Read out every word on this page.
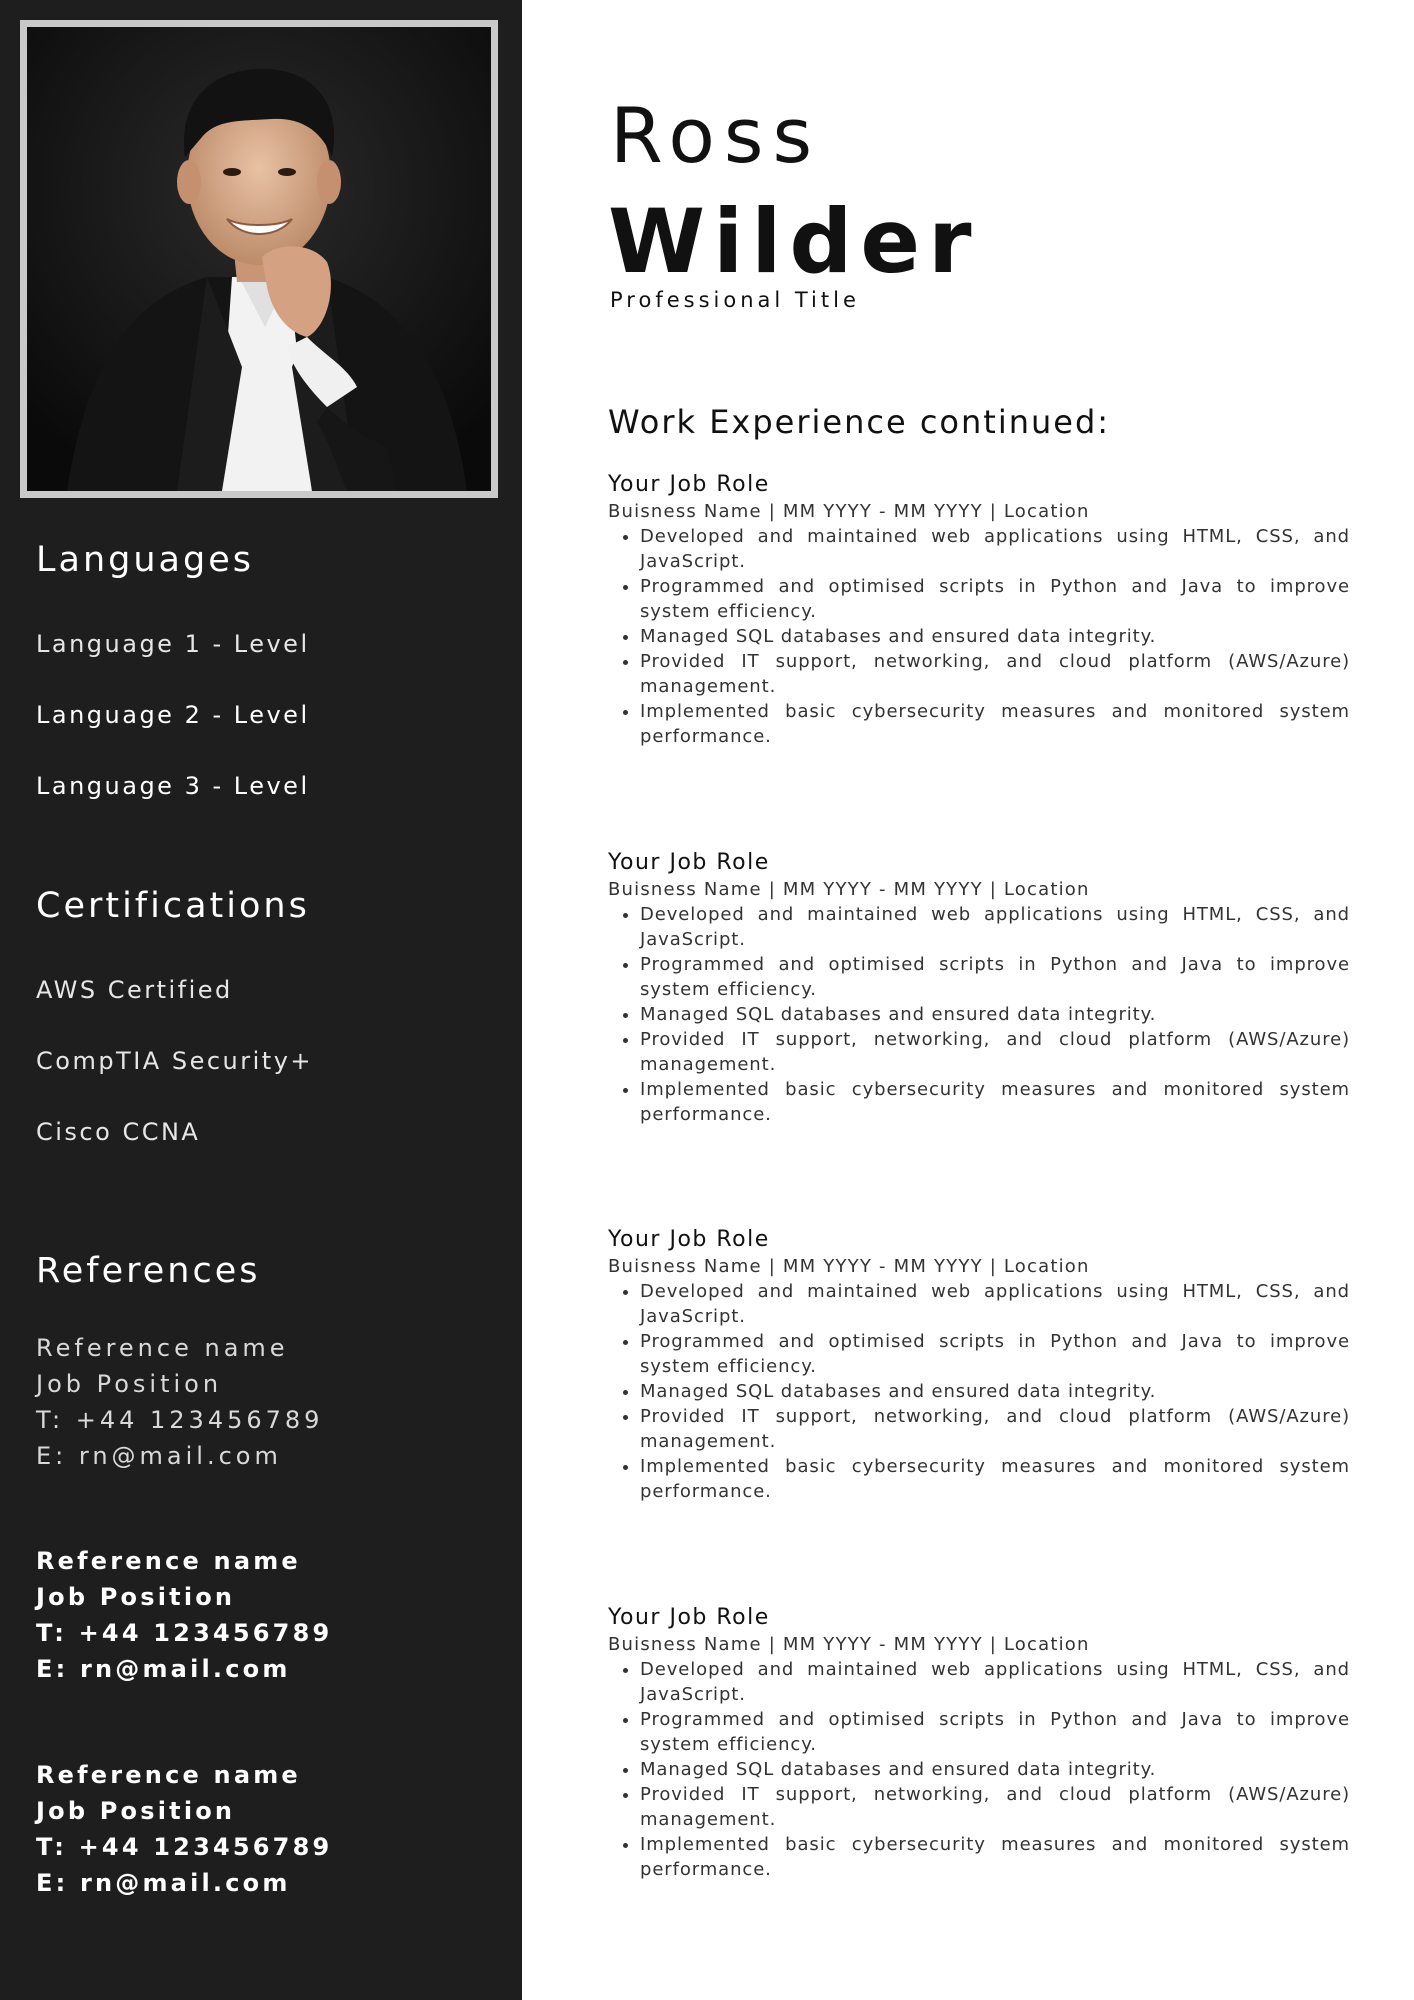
Languages
Language 1 - Level
Language 2 - Level
Language 3 - Level
Certifications
AWS Certified
CompTIA Security+
Cisco CCNA
References
Reference name
Job Position
T: +44 123456789
E: rn@mail.com
Reference name
Job Position
T: +44 123456789
E: rn@mail.com
Reference name
Job Position
T: +44 123456789
E: rn@mail.com
Ross
Wilder
Professional Title
Work Experience continued:
Your Job Role
Buisness Name | MM YYYY - MM YYYY | Location
• Developed and maintained web applications using HTML, CSS, and JavaScript.
• Programmed and optimised scripts in Python and Java to improve system efficiency.
• Managed SQL databases and ensured data integrity.
• Provided IT support, networking, and cloud platform (AWS/Azure) management.
• Implemented basic cybersecurity measures and monitored system performance.
Your Job Role
Buisness Name | MM YYYY - MM YYYY | Location
• Developed and maintained web applications using HTML, CSS, and JavaScript.
• Programmed and optimised scripts in Python and Java to improve system efficiency.
• Managed SQL databases and ensured data integrity.
• Provided IT support, networking, and cloud platform (AWS/Azure) management.
• Implemented basic cybersecurity measures and monitored system performance.
Your Job Role
Buisness Name | MM YYYY - MM YYYY | Location
• Developed and maintained web applications using HTML, CSS, and JavaScript.
• Programmed and optimised scripts in Python and Java to improve system efficiency.
• Managed SQL databases and ensured data integrity.
• Provided IT support, networking, and cloud platform (AWS/Azure) management.
• Implemented basic cybersecurity measures and monitored system performance.
Your Job Role
Buisness Name | MM YYYY - MM YYYY | Location
• Developed and maintained web applications using HTML, CSS, and JavaScript.
• Programmed and optimised scripts in Python and Java to improve system efficiency.
• Managed SQL databases and ensured data integrity.
• Provided IT support, networking, and cloud platform (AWS/Azure) management.
• Implemented basic cybersecurity measures and monitored system performance.
